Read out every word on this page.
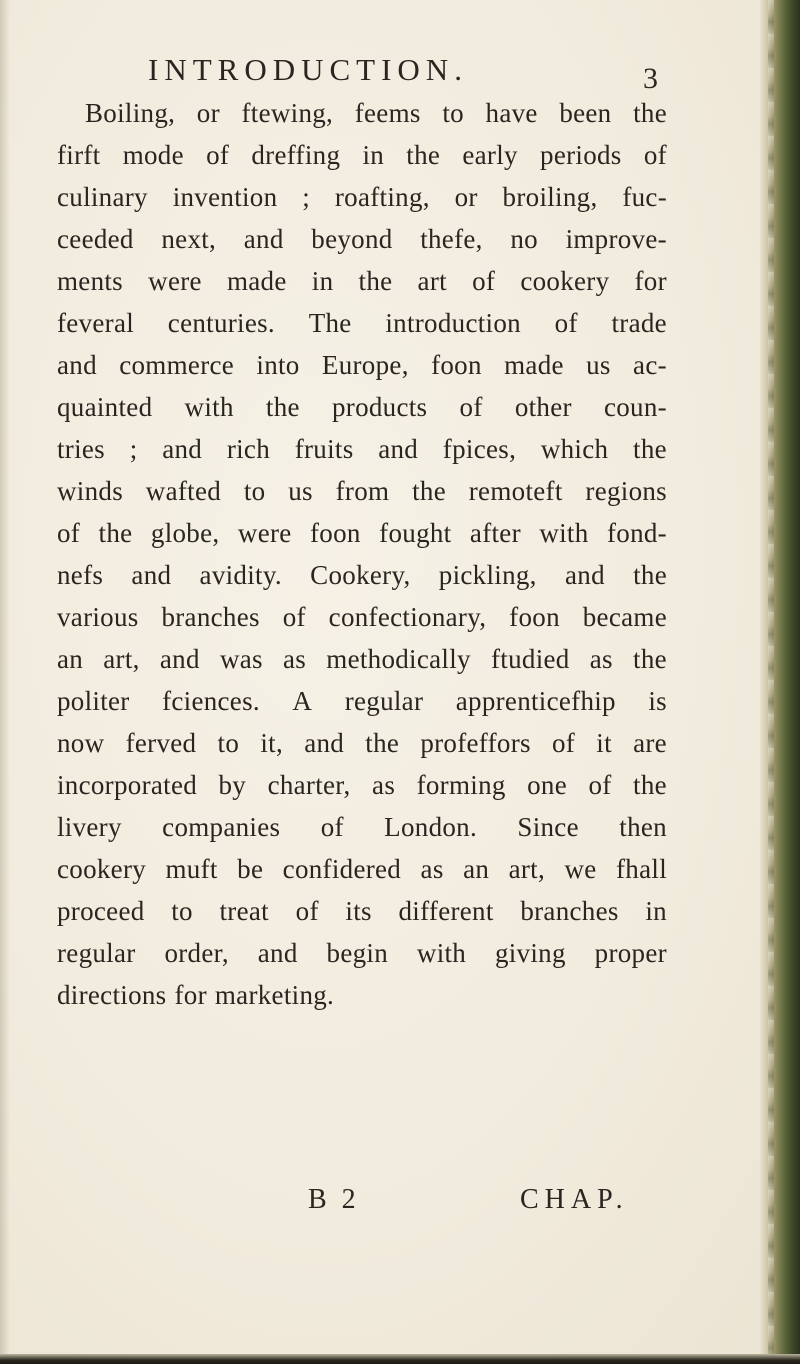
INTRODUCTION.	3
Boiling, or ftewing, feems to have been the
firft mode of dreffing in the early periods of
culinary invention ; roafting, or broiling, fuc-
ceeded next, and beyond thefe, no improve-
ments were made in the art of cookery for
feveral centuries. The introduction of trade
and commerce into Europe, foon made us ac-
quainted with the products of other coun-
tries ; and rich fruits and fpices, which the
winds wafted to us from the remoteft regions
of the globe, were foon fought after with fond-
nefs and avidity. Cookery, pickling, and the
various branches of confectionary, foon became
an art, and was as methodically ftudied as the
politer fciences. A regular apprenticefhip is
now ferved to it, and the profeffors of it are
incorporated by charter, as forming one of the
livery companies of London. Since then
cookery muft be confidered as an art, we fhall
proceed to treat of its different branches in
regular order, and begin with giving proper
directions for marketing.
B 2	CHAP.
